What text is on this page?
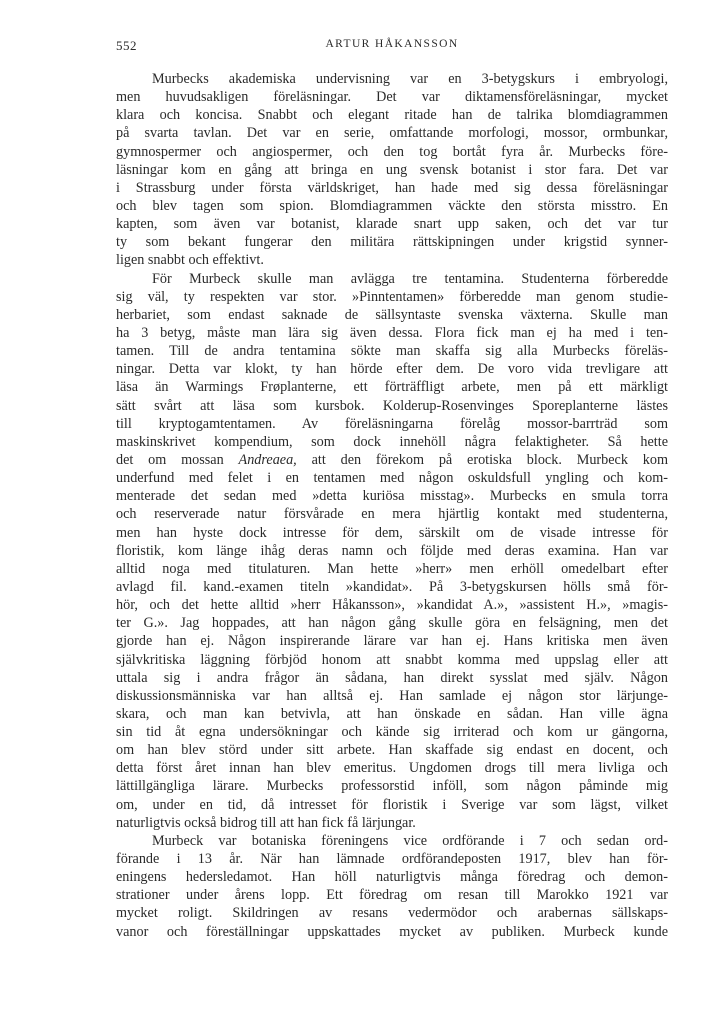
552	ARTUR HÅKANSSON
Murbecks akademiska undervisning var en 3-betygskurs i embryologi,
men huvudsakligen föreläsningar. Det var diktamensföreläsningar, mycket
klara och koncisa. Snabbt och elegant ritade han de talrika blomdiagrammen
på svarta tavlan. Det var en serie, omfattande morfologi, mossor, ormbunkar,
gymnospermer och angiospermer, och den tog bortåt fyra år. Murbecks före-
läsningar kom en gång att bringa en ung svensk botanist i stor fara. Det var
i Strassburg under första världskriget, han hade med sig dessa föreläsningar
och blev tagen som spion. Blomdiagrammen väckte den största misstro. En
kapten, som även var botanist, klarade snart upp saken, och det var tur
ty som bekant fungerar den militära rättskipningen under krigstid synner-
ligen snabbt och effektivt.
För Murbeck skulle man avlägga tre tentamina. Studenterna förberedde
sig väl, ty respekten var stor. »Pinntentamen» förberedde man genom studie-
herbariet, som endast saknade de sällsyntaste svenska växterna. Skulle man
ha 3 betyg, måste man lära sig även dessa. Flora fick man ej ha med i ten-
tamen. Till de andra tentamina sökte man skaffa sig alla Murbecks föreläs-
ningar. Detta var klokt, ty han hörde efter dem. De voro vida trevligare att
läsa än Warmings Frøplanterne, ett förträffligt arbete, men på ett märkligt
sätt svårt att läsa som kursbok. Kolderup-Rosenvinges Sporeplanterne lästes
till kryptogamtentamen. Av föreläsningarna förelåg mossor-barrträd som
maskinskrivet kompendium, som dock innehöll några felaktigheter. Så hette
det om mossan Andreaea, att den förekom på erotiska block. Murbeck kom
underfund med felet i en tentamen med någon oskuldsfull yngling och kom-
menterade det sedan med »detta kuriösa misstag». Murbecks en smula torra
och reserverade natur försvårade en mera hjärtlig kontakt med studenterna,
men han hyste dock intresse för dem, särskilt om de visade intresse för
floristik, kom länge ihåg deras namn och följde med deras examina. Han var
alltid noga med titulaturen. Man hette »herr» men erhöll omedelbart efter
avlagd fil. kand.-examen titeln »kandidat». På 3-betygskursen hölls små för-
hör, och det hette alltid »herr Håkansson», »kandidat A.», »assistent H.», »magis-
ter G.». Jag hoppades, att han någon gång skulle göra en felsägning, men det
gjorde han ej. Någon inspirerande lärare var han ej. Hans kritiska men även
självkritiska läggning förbjöd honom att snabbt komma med uppslag eller att
uttala sig i andra frågor än sådana, han direkt sysslat med själv. Någon
diskussionsmänniska var han alltså ej. Han samlade ej någon stor lärjunge-
skara, och man kan betvivla, att han önskade en sådan. Han ville ägna
sin tid åt egna undersökningar och kände sig irriterad och kom ur gängorna,
om han blev störd under sitt arbete. Han skaffade sig endast en docent, och
detta först året innan han blev emeritus. Ungdomen drogs till mera livliga och
lättillgängliga lärare. Murbecks professorstid inföll, som någon påminde mig
om, under en tid, då intresset för floristik i Sverige var som lägst, vilket
naturligtvis också bidrog till att han fick få lärjungar.
Murbeck var botaniska föreningens vice ordförande i 7 och sedan ord-
förande i 13 år. När han lämnade ordförandeposten 1917, blev han för-
eningens hedersledamot. Han höll naturligtvis många föredrag och demon-
strationer under årens lopp. Ett föredrag om resan till Marokko 1921 var
mycket roligt. Skildringen av resans vedermödor och arabernas sällskaps-
vanor och föreställningar uppskattades mycket av publiken. Murbeck kunde
